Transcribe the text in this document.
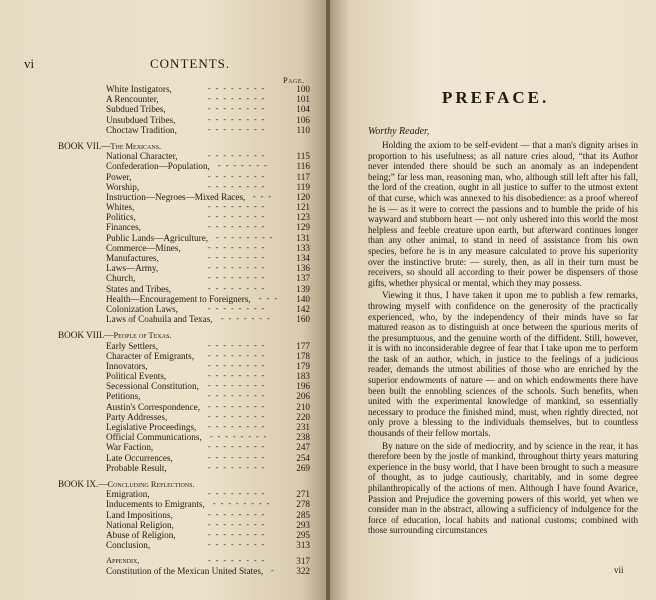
vi	CONTENTS.
Page.
White Instigators,	--------	100
A Rencounter,	--------	101
Subdued Tribes,	--------	104
Unsubdued Tribes,	--------	106
Choctaw Tradition,	--------	110
BOOK VII.—The Mexicans.
National Character,	--------	115
Confederation—Population, -------	116
Power,	--------	117
Worship,	--------	119
Instruction—Negroes—Mixed Races, --- 120
Whites,	--------	121
Politics,	--------	123
Finances,	--------	129
Public Lands—Agriculture, -------- 131
Commerce—Mines,	--------	133
Manufactures,	--------	134
Laws—Army,	--------	136
Church,	--------	137
States and Tribes,	--------	139
Health—Encouragement to Foreigners, --- 140
Colonization Laws,	--------	142
Laws of Coahuila and Texas, ------- 160
BOOK VIII.—People of Texas.
Early Settlers,	--------	177
Character of Emigrants, --------	178
Innovators,	--------	179
Political Events,	--------	183
Secessional Constitution, --------	196
Petitions,	--------	206
Austin's Correspondence, --------	210
Party Addresses,	--------	220
Legislative Proceedings, --------	231
Official Communications, --------	238
War Faction,	--------	247
Late Occurrences,	--------	254
Probable Result,	--------	269
BOOK IX.—Concluding Reflections.
Emigration,	--------	271
Inducements to Emigrants, -------- 278
Land Impositions,	--------	285
National Religion,	--------	293
Abuse of Religion,	--------	295
Conclusion,	--------	313
Appendix,	--------	317
Constitution of the Mexican United States, - 322
PREFACE.
Worthy Reader,

Holding the axiom to be self-evident — that a man's dignity arises in proportion to his usefulness; as all nature cries aloud, “that its Author never intended there should be such an anomaly as an independent being;” far less man, reasoning man, who, although still left after his fall, the lord of the creation, ought in all justice to suffer to the utmost extent of that curse, which was annexed to his disobedience: as a proof whereof he is — as it were to correct the passions and to humble the pride of his wayward and stubborn heart — not only ushered into this world the most helpless and feeble creature upon earth, but afterward continues longer than any other animal, to stand in need of assistance from his own species, before he is in any measure calculated to prove his superiority over the instinctive brute: — surely, then, as all in their turn must be receivers, so should all according to their power be dispensers of those gifts, whether physical or mental, which they may possess.

Viewing it thus, I have taken it upon me to publish a few remarks, throwing myself with confidence on the generosity of the practically experienced, who, by the independency of their minds have so far matured reason as to distinguish at once between the spurious merits of the presumptuous, and the genuine worth of the diffident. Still, however, it is with no inconsiderable degree of fear that I take upon me to perform the task of an author, which, in justice to the feelings of a judicious reader, demands the utmost abilities of those who are enriched by the superior endowments of nature — and on which endowments there have been built the ennobling sciences of the schools. Such benefits, when united with the experimental knowledge of mankind, so essentially necessary to produce the finished mind, must, when rightly directed, not only prove a blessing to the individuals themselves, but to countless thousands of their fellow mortals.

By nature on the side of mediocrity, and by science in the rear, it has therefore been by the jostle of mankind, throughout thirty years maturing experience in the busy world, that I have been brought to such a measure of thought, as to judge cautiously, charitably, and in some degree philanthropically of the actions of men. Although I have found Avarice, Passion and Prejudice the governing powers of this world, yet when we consider man in the abstract, allowing a sufficiency of indulgence for the force of education, local habits and national customs; combined with those surrounding circumstances

vii
